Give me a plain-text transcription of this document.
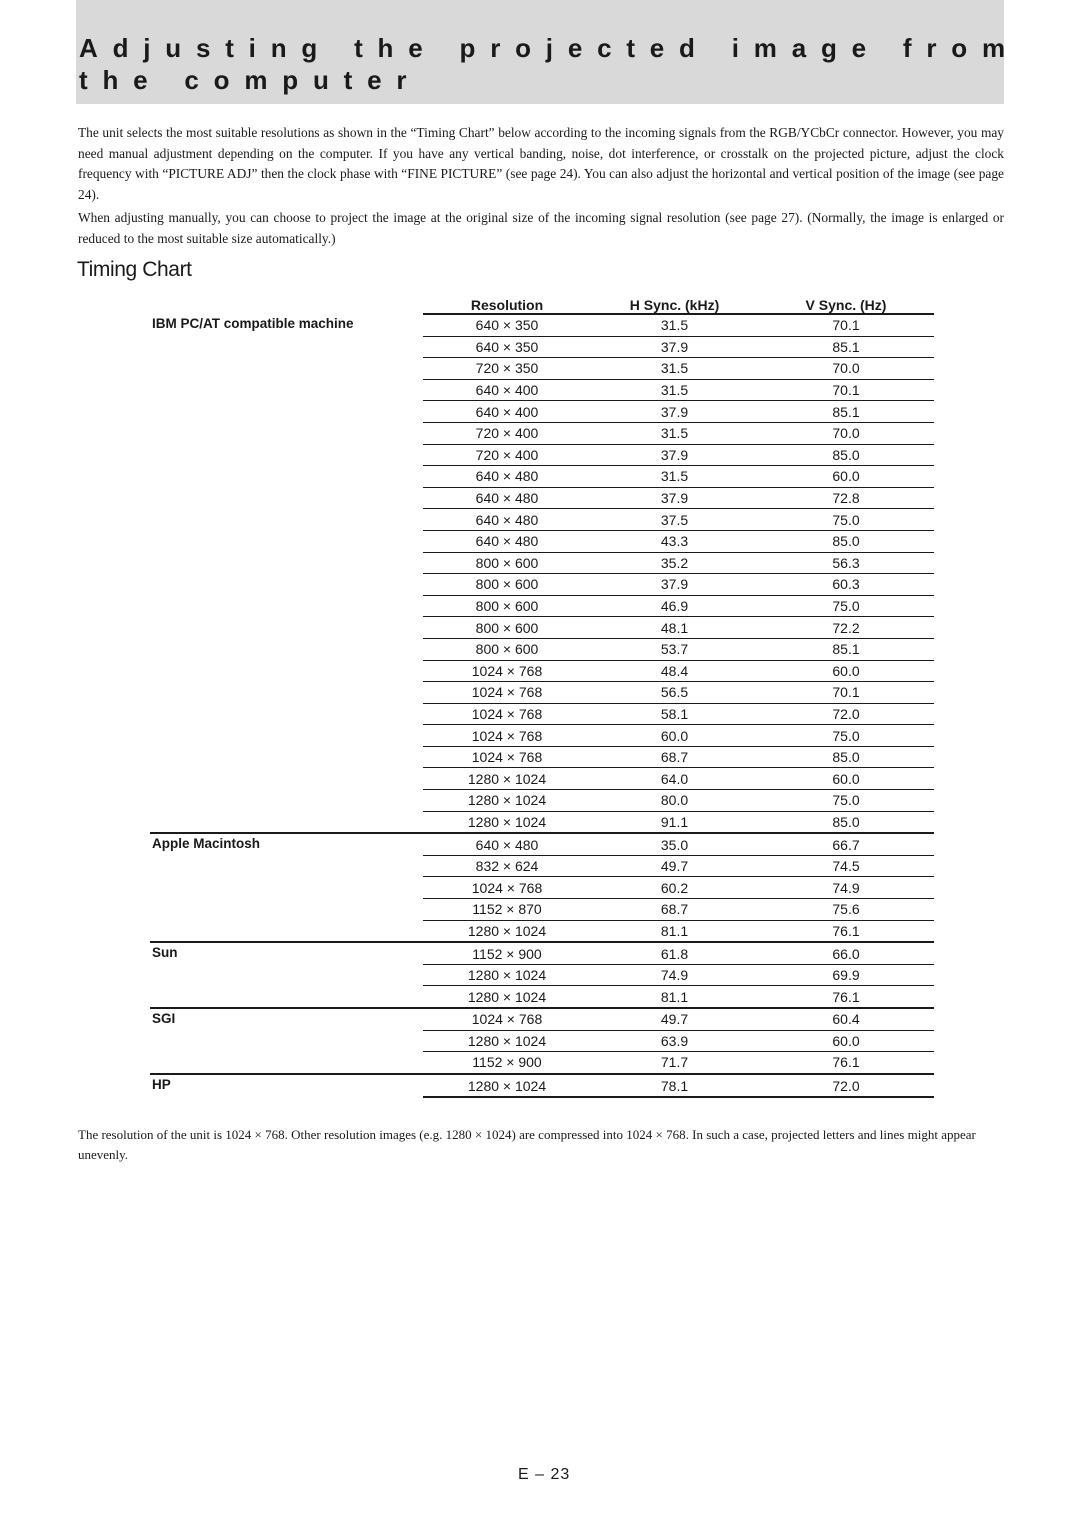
Adjusting the projected image from
the computer

The unit selects the most suitable resolutions as shown in the “Timing Chart” below according to the incoming signals from the RGB/YCbCr connector. However, you may need manual adjustment depending on the computer. If you have any vertical banding, noise, dot interference, or crosstalk on the projected picture, adjust the clock frequency with “PICTURE ADJ” then the clock phase with “FINE PICTURE” (see page 24). You can also adjust the horizontal and vertical position of the image (see page 24).

When adjusting manually, you can choose to project the image at the original size of the incoming signal resolution (see page 27). (Normally, the image is enlarged or reduced to the most suitable size automatically.)

Timing Chart
	Resolution	H Sync. (kHz)	V Sync. (Hz)
IBM PC/AT compatible machine	640 × 350	31.5	70.1
	640 × 350	37.9	85.1
	720 × 350	31.5	70.0
	640 × 400	31.5	70.1
	640 × 400	37.9	85.1
	720 × 400	31.5	70.0
	720 × 400	37.9	85.0
	640 × 480	31.5	60.0
	640 × 480	37.9	72.8
	640 × 480	37.5	75.0
	640 × 480	43.3	85.0
	800 × 600	35.2	56.3
	800 × 600	37.9	60.3
	800 × 600	46.9	75.0
	800 × 600	48.1	72.2
	800 × 600	53.7	85.1
	1024 × 768	48.4	60.0
	1024 × 768	56.5	70.1
	1024 × 768	58.1	72.0
	1024 × 768	60.0	75.0
	1024 × 768	68.7	85.0
	1280 × 1024	64.0	60.0
	1280 × 1024	80.0	75.0
	1280 × 1024	91.1	85.0
Apple Macintosh	640 × 480	35.0	66.7
	832 × 624	49.7	74.5
	1024 × 768	60.2	74.9
	1152 × 870	68.7	75.6
	1280 × 1024	81.1	76.1
Sun	1152 × 900	61.8	66.0
	1280 × 1024	74.9	69.9
	1280 × 1024	81.1	76.1
SGI	1024 × 768	49.7	60.4
	1280 × 1024	63.9	60.0
	1152 × 900	71.7	76.1
HP	1280 × 1024	78.1	72.0
The resolution of the unit is 1024 × 768. Other resolution images (e.g. 1280 × 1024) are compressed into 1024 × 768. In such a case, projected letters and lines might appear unevenly.
E – 23
